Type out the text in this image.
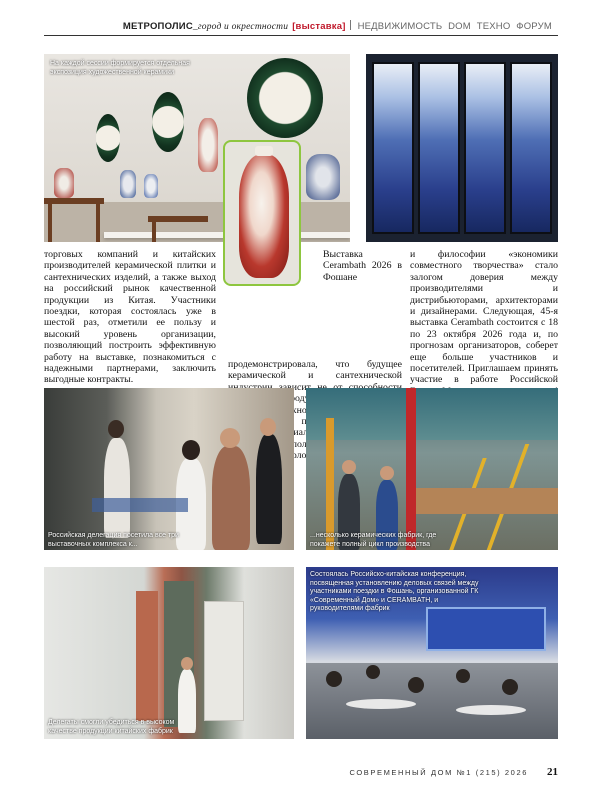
МЕТРОПОЛИС_город и окрестности [выставка] НЕДВИЖИМОСТЬ DOM ТЕХНО ФОРУМ
На каждой сессии формируется отдельная экспозиция художественной керамики

торговых компаний и китайских производителей керамической плитки и сантехнических изделий, а также выход на российский рынок качественной продукции из Китая. Участники поездки, которая состоялась уже в шестой раз, отметили ее пользу и высокий уровень организации, позволяющий построить эффективную работу на выставке, познакомиться с надежными партнерами, заключить выгодные контракты.

Выставка Cerambath 2026 в Фошане продемонстрировала, что будущее керамической и сантехнической зависит продукт, технологий

и философии «экономики совместного творчества» стало залогом доверия между производителями и дистрибьюторами, архитекторами и дизайнерами. Следующая, 45-я выставка Cerambath состоится с 18 по 23 октября 2026 года и, по прогнозам организаторов, соберет еще больше участников и посетителей. Приглашаем принять участие в работе Российской

Российская делегация посетила все три выставочных комплекса к...
...несколько керамических фабрик, где покажете полный цикл производства
Делегаты смогли убедиться в высоком качестве продукции китайских фабрик
Состоялась Российско-китайская конференция, посвященная установлению деловых связей между участниками поездки в Фошань, организованной ГК «Современный Дом» и CERAMBATH, и руководителями фабрик
СОВРЕМЕННЫЙ ДОМ №1 (215) 2026 21
